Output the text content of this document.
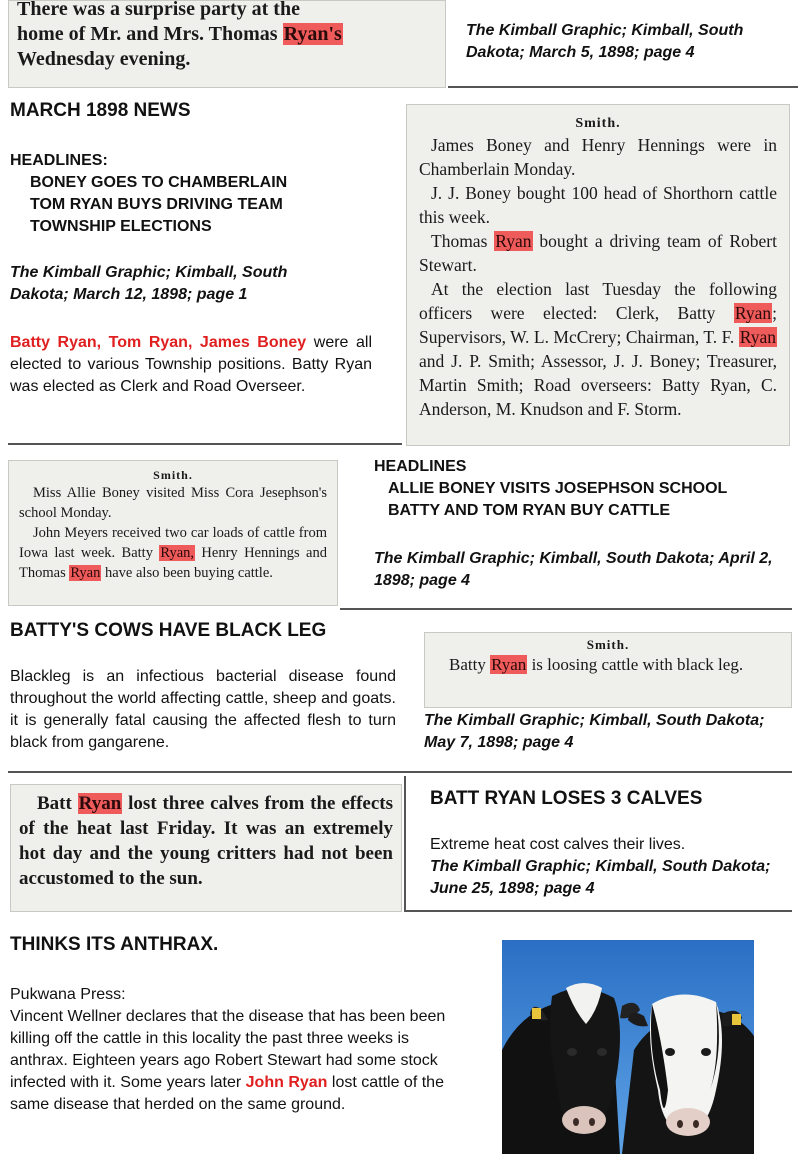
There was a surprise party at the

home of Mr. and Mrs. Thomas Ryan's

Wednesday evening.

The Kimball Graphic; Kimball, South Dakota; March 5, 1898; page 4
MARCH 1898 NEWS
HEADLINES:
BONEY GOES TO CHAMBERLAIN
TOM RYAN BUYS DRIVING TEAM
TOWNSHIP ELECTIONS
The Kimball Graphic; Kimball, South Dakota; March 12, 1898; page 1
Batty Ryan, Tom Ryan, James Boney were all elected to various Township positions. Batty Ryan was elected as Clerk and Road Overseer.

Smith.

James Boney and Henry Hennings were in Chamberlain Monday.

J. J. Boney bought 100 head of Shorthorn cattle this week.

Thomas Ryan bought a driving team of Robert Stewart.

At the election last Tuesday the following officers were elected: Clerk, Batty Ryan; Supervisors, W. L. McCrery; Chairman, T. F. Ryan and J. P. Smith; Assessor, J. J. Boney; Treasurer, Martin Smith; Road overseers: Batty Ryan, C. Anderson, M. Knudson and F. Storm.

Smith.

Miss Allie Boney visited Miss Cora Jesephson's school Monday.

John Meyers received two car loads of cattle from Iowa last week. Batty Ryan, Henry Hennings and Thomas Ryan have also been buying cattle.

HEADLINES
ALLIE BONEY VISITS JOSEPHSON SCHOOL
BATTY AND TOM RYAN BUY CATTLE
The Kimball Graphic; Kimball, South Dakota; April 2, 1898; page 4
BATTY'S COWS HAVE BLACK LEG
Blackleg is an infectious bacterial disease found throughout the world affecting cattle, sheep and goats. it is generally fatal causing the affected flesh to turn black from gangarene.

Smith.

Batty Ryan is loosing cattle with black leg.

The Kimball Graphic; Kimball, South Dakota; May 7, 1898; page 4

Batt Ryan lost three calves from the effects of the heat last Friday. It was an extremely hot day and the young critters had not been accustomed to the sun.

BATT RYAN LOSES 3 CALVES
Extreme heat cost calves their lives.
The Kimball Graphic; Kimball, South Dakota; June 25, 1898; page 4
THINKS ITS ANTHRAX.
Pukwana Press:
Vincent Wellner declares that the disease that has been been killing off the cattle in this locality the past three weeks is anthrax. Eighteen years ago Robert Stewart had some stock infected with it. Some years later John Ryan lost cattle of the same disease that herded on the same ground.
